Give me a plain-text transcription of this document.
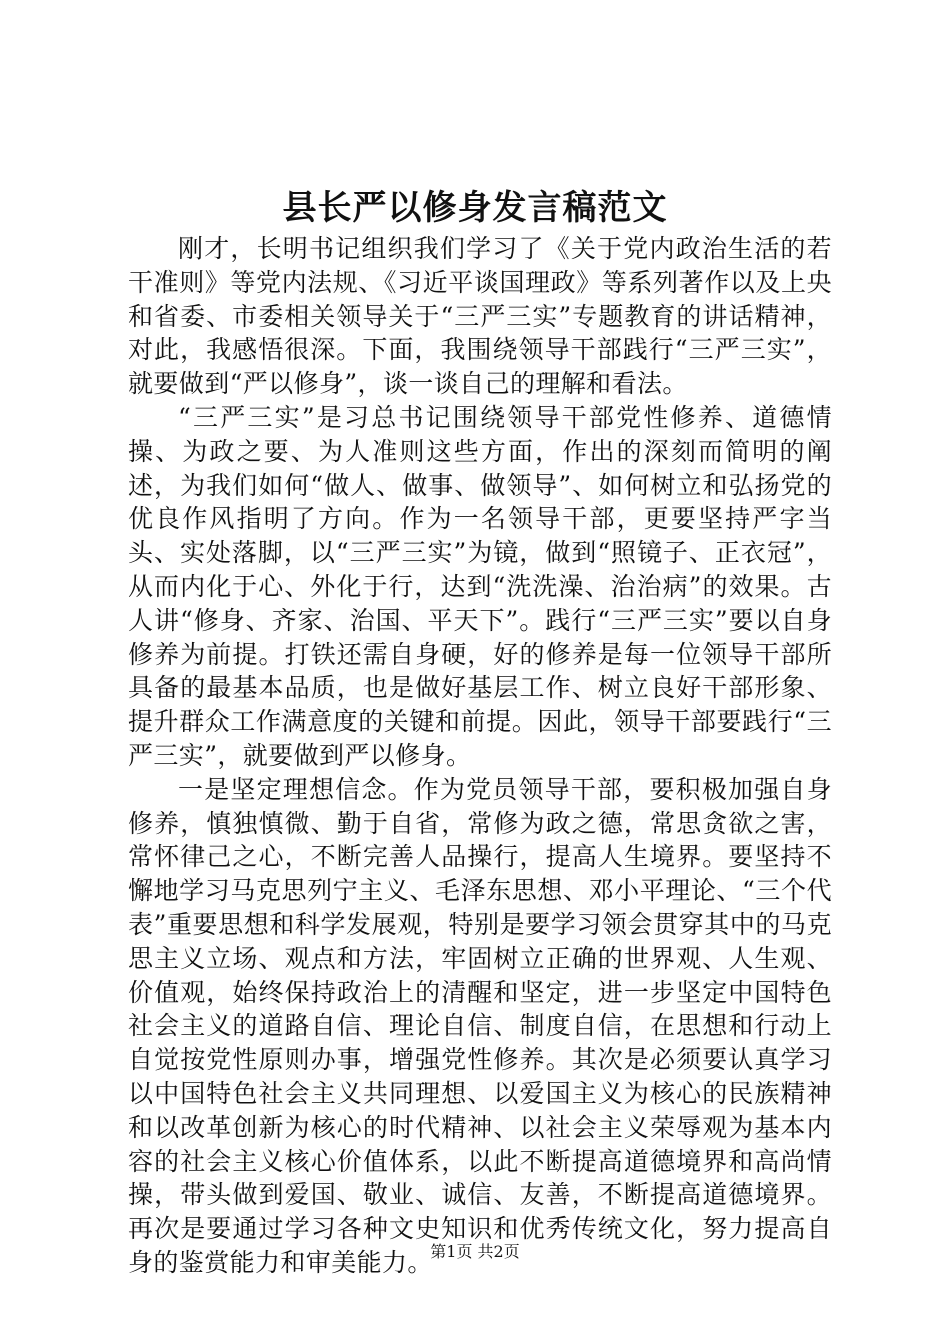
县长严以修身发言稿范文

刚才，长明书记组织我们学习了《关于党内政治生活的若干准则》等党内法规、《习近平谈国理政》等系列著作以及上央和省委、市委相关领导关于“三严三实”专题教育的讲话精神，对此，我感悟很深。下面，我围绕领导干部践行“三严三实”，就要做到“严以修身”，谈一谈自己的理解和看法。

“三严三实”是习总书记围绕领导干部党性修养、道德情操、为政之要、为人准则这些方面，作出的深刻而简明的阐述，为我们如何“做人、做事、做领导”、如何树立和弘扬党的优良作风指明了方向。作为一名领导干部，更要坚持严字当头、实处落脚，以“三严三实”为镜，做到“照镜子、正衣冠”，从而内化于心、外化于行，达到“洗洗澡、治治病”的效果。古人讲“修身、齐家、治国、平天下”。践行“三严三实”要以自身修养为前提。打铁还需自身硬，好的修养是每一位领导干部所具备的最基本品质，也是做好基层工作、树立良好干部形象、提升群众工作满意度的关键和前提。因此，领导干部要践行“三严三实”，就要做到严以修身。

一是坚定理想信念。作为党员领导干部，要积极加强自身修养，慎独慎微、勤于自省，常修为政之德，常思贪欲之害，常怀律己之心，不断完善人品操行，提高人生境界。要坚持不懈地学习马克思列宁主义、毛泽东思想、邓小平理论、“三个代表”重要思想和科学发展观，特别是要学习领会贯穿其中的马克思主义立场、观点和方法，牢固树立正确的世界观、人生观、价值观，始终保持政治上的清醒和坚定，进一步坚定中国特色社会主义的道路自信、理论自信、制度自信，在思想和行动上自觉按党性原则办事，增强党性修养。其次是必须要认真学习以中国特色社会主义共同理想、以爱国主义为核心的民族精神和以改革创新为核心的时代精神、以社会主义荣辱观为基本内容的社会主义核心价值体系，以此不断提高道德境界和高尚情操，带头做到爱国、敬业、诚信、友善，不断提高道德境界。再次是要通过学习各种文史知识和优秀传统文化，努力提高自身的鉴赏能力和审美能力。

第1页 共2页
